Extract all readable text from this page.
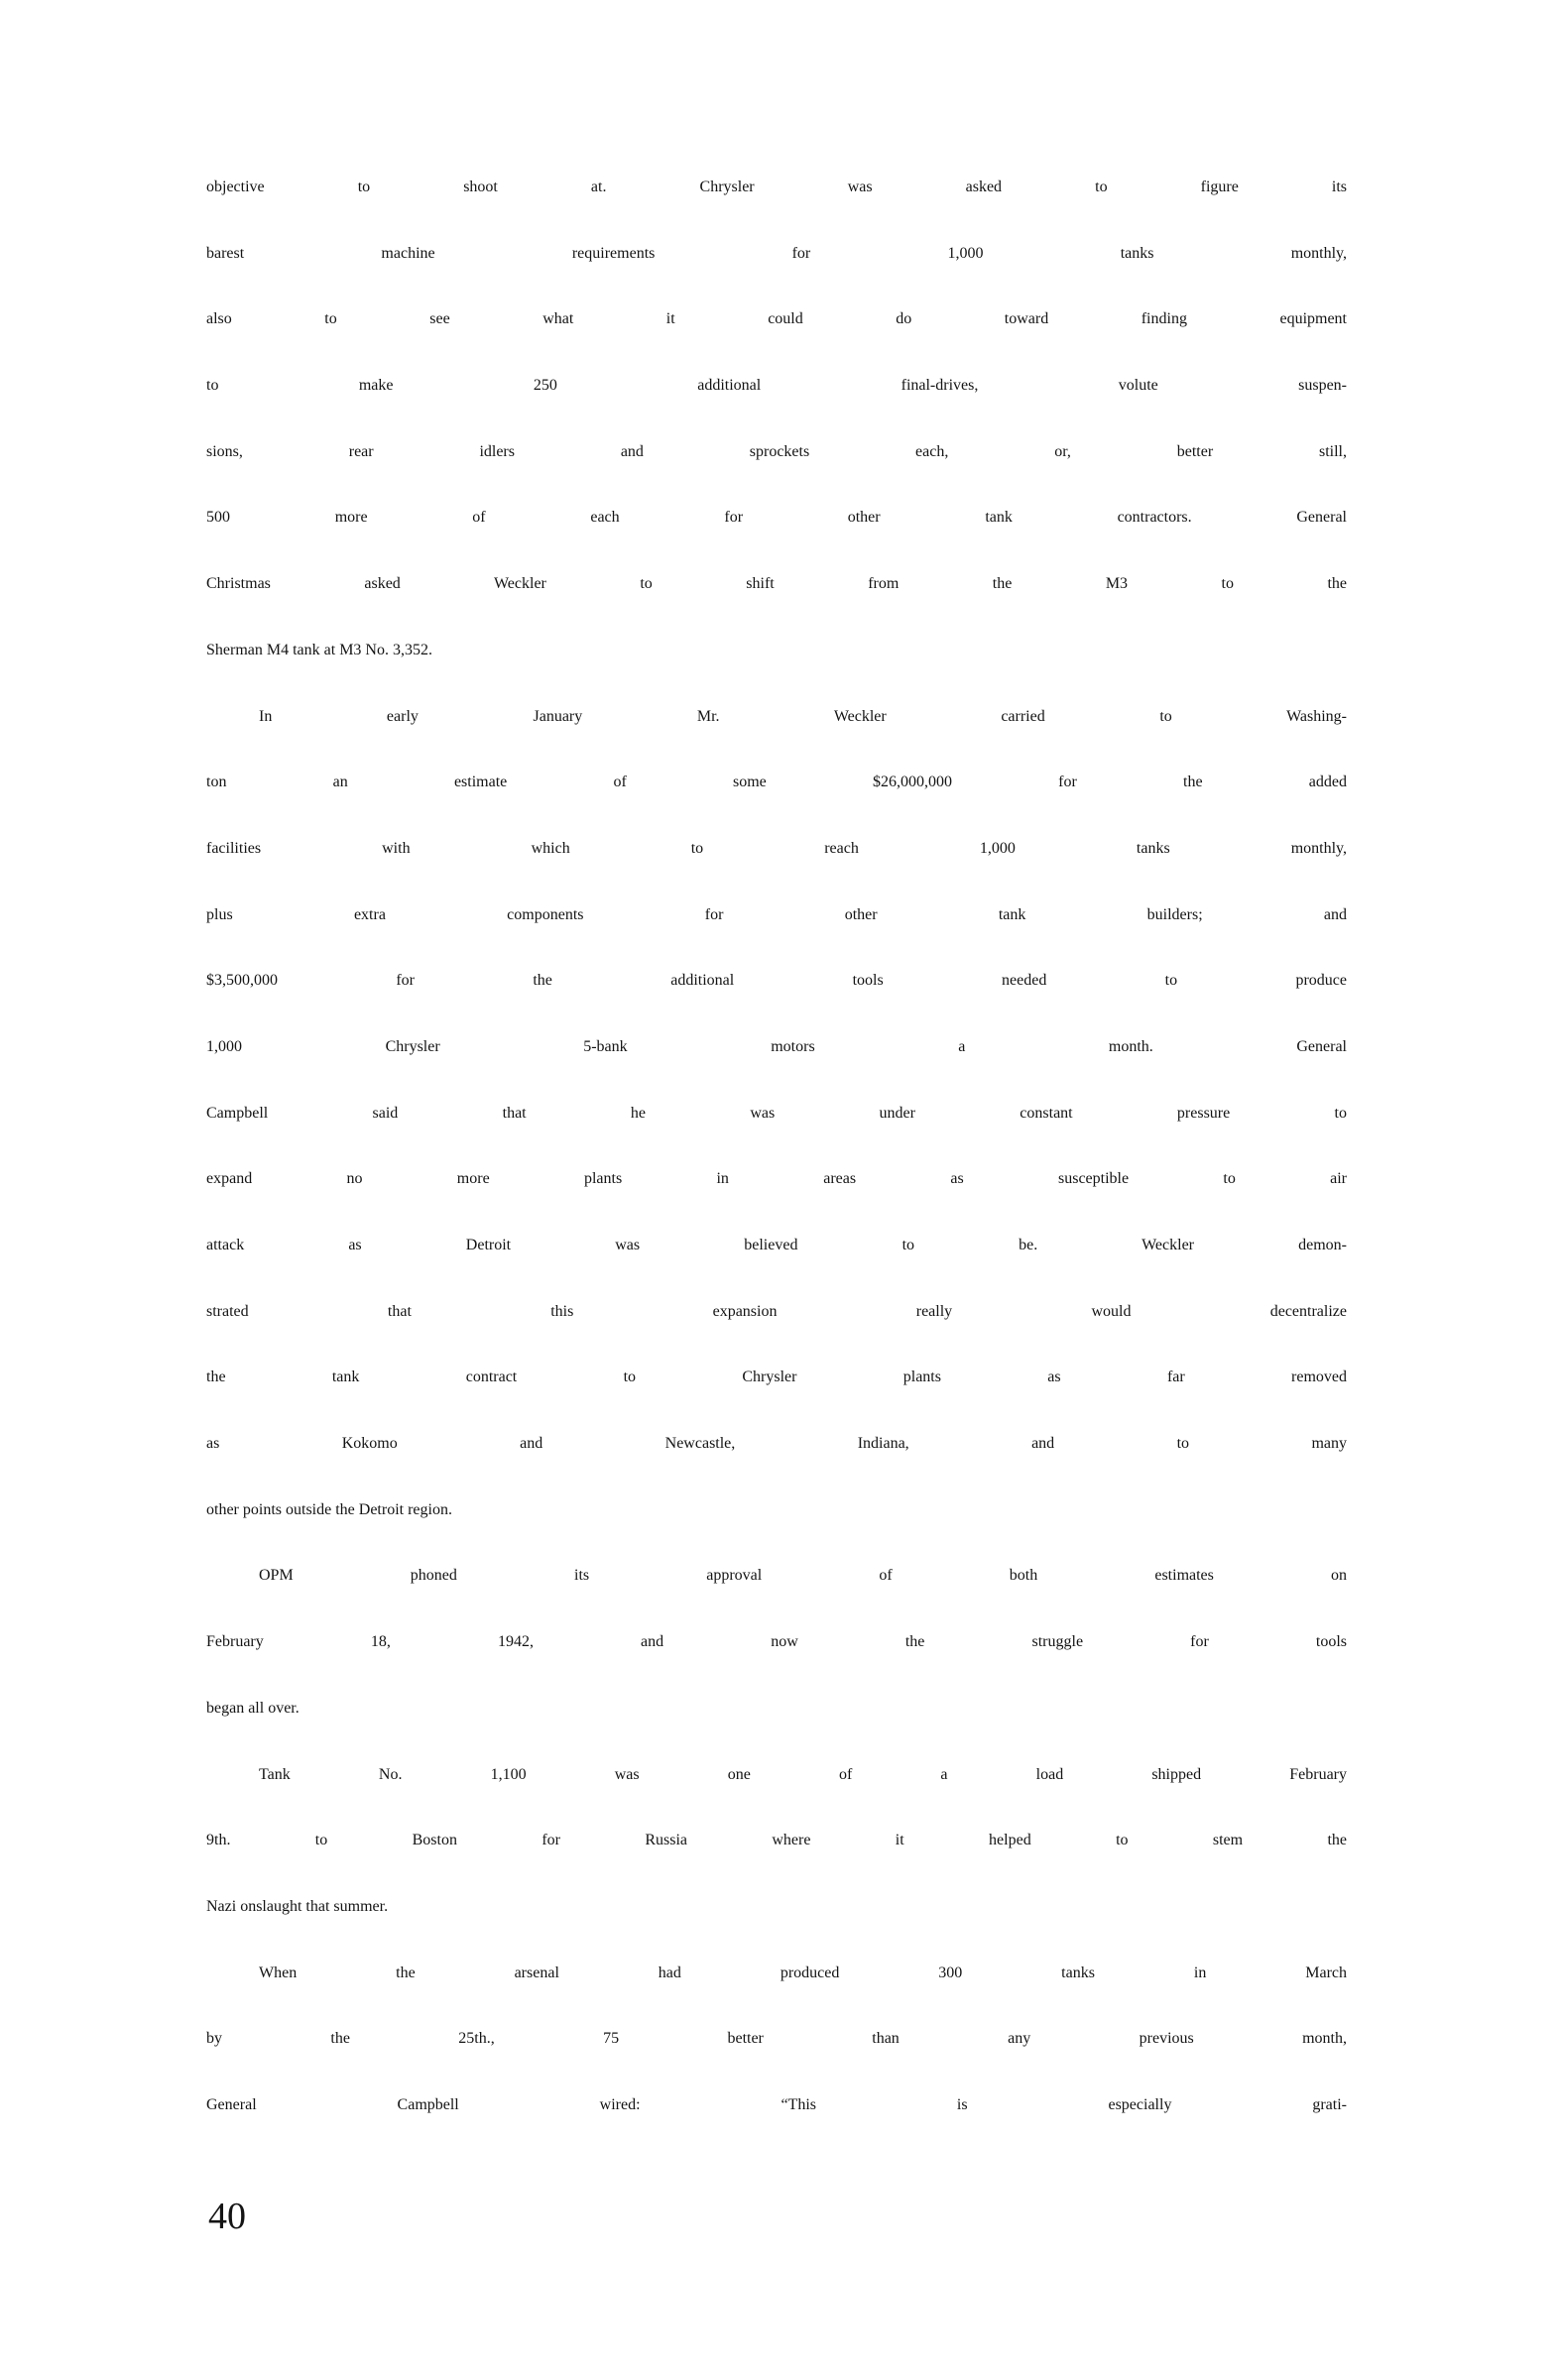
objective to shoot at. Chrysler was asked to figure its
barest machine requirements for 1,000 tanks monthly,
also to see what it could do toward finding equipment
to make 250 additional final-drives, volute suspen-
sions, rear idlers and sprockets each, or, better still,
500 more of each for other tank contractors. General
Christmas asked Weckler to shift from the M3 to the
Sherman M4 tank at M3 No. 3,352.
In early January Mr. Weckler carried to Washing-
ton an estimate of some $26,000,000 for the added
facilities with which to reach 1,000 tanks monthly,
plus extra components for other tank builders; and
$3,500,000 for the additional tools needed to produce
1,000 Chrysler 5-bank motors a month. General
Campbell said that he was under constant pressure to
expand no more plants in areas as susceptible to air
attack as Detroit was believed to be. Weckler demon-
strated that this expansion really would decentralize
the tank contract to Chrysler plants as far removed
as Kokomo and Newcastle, Indiana, and to many
other points outside the Detroit region.
OPM phoned its approval of both estimates on
February 18, 1942, and now the struggle for tools
began all over.
Tank No. 1,100 was one of a load shipped February
9th. to Boston for Russia where it helped to stem the
Nazi onslaught that summer.
When the arsenal had produced 300 tanks in March
by the 25th., 75 better than any previous month,
General Campbell wired: “This is especially grati-
40
